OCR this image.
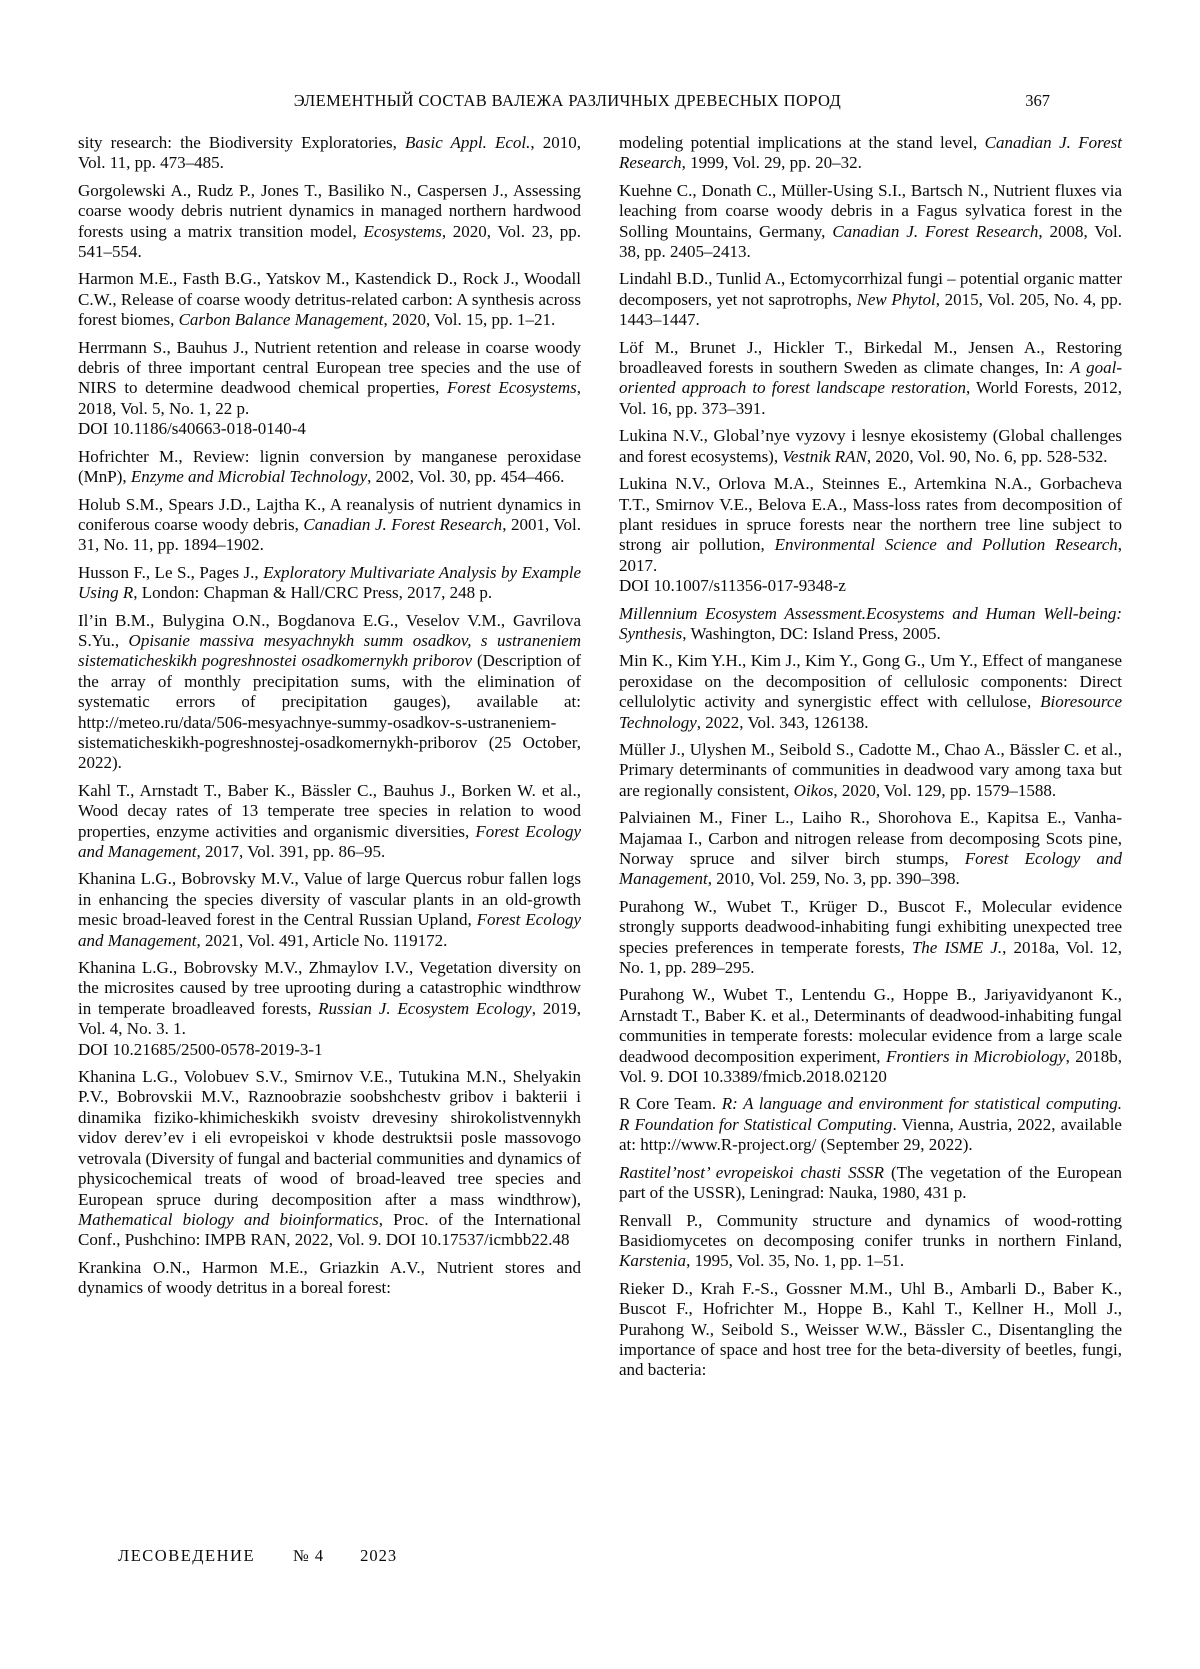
ЭЛЕМЕНТНЫЙ СОСТАВ ВАЛЕЖА РАЗЛИЧНЫХ ДРЕВЕСНЫХ ПОРОД	367

sity research: the Biodiversity Exploratories, Basic Appl. Ecol., 2010, Vol. 11, pp. 473–485.

Gorgolewski A., Rudz P., Jones T., Basiliko N., Caspersen J., Assessing coarse woody debris nutrient dynamics in managed northern hardwood forests using a matrix transition model, Ecosystems, 2020, Vol. 23, pp. 541–554.

Harmon M.E., Fasth B.G., Yatskov M., Kastendick D., Rock J., Woodall C.W., Release of coarse woody detritus-related carbon: A synthesis across forest biomes, Carbon Balance Management, 2020, Vol. 15, pp. 1–21.

Herrmann S., Bauhus J., Nutrient retention and release in coarse woody debris of three important central European tree species and the use of NIRS to determine deadwood chemical properties, Forest Ecosystems, 2018, Vol. 5, No. 1, 22 p.
DOI 10.1186/s40663-018-0140-4

Hofrichter M., Review: lignin conversion by manganese peroxidase (MnP), Enzyme and Microbial Technology, 2002, Vol. 30, pp. 454–466.

Holub S.M., Spears J.D., Lajtha K., A reanalysis of nutrient dynamics in coniferous coarse woody debris, Canadian J. Forest Research, 2001, Vol. 31, No. 11, pp. 1894–1902.

Husson F., Le S., Pages J., Exploratory Multivariate Analysis by Example Using R, London: Chapman & Hall/CRC Press, 2017, 248 p.

Il’in B.M., Bulygina O.N., Bogdanova E.G., Veselov V.M., Gavrilova S.Yu., Opisanie massiva mesyachnykh summ osadkov, s ustraneniem sistematicheskikh pogreshnostei osadkomernykh priborov (Description of the array of monthly precipitation sums, with the elimination of systematic errors of precipitation gauges), available at: http://meteo.ru/data/506-mesyachnye-summy-osadkov-s-ustraneniem-sistematicheskikh-pogreshnostej-osadkomernykh-priborov (25 October, 2022).

Kahl T., Arnstadt T., Baber K., Bässler C., Bauhus J., Borken W. et al., Wood decay rates of 13 temperate tree species in relation to wood properties, enzyme activities and organismic diversities, Forest Ecology and Management, 2017, Vol. 391, pp. 86–95.

Khanina L.G., Bobrovsky M.V., Value of large Quercus robur fallen logs in enhancing the species diversity of vascular plants in an old-growth mesic broad-leaved forest in the Central Russian Upland, Forest Ecology and Management, 2021, Vol. 491, Article No. 119172.

Khanina L.G., Bobrovsky M.V., Zhmaylov I.V., Vegetation diversity on the microsites caused by tree uprooting during a catastrophic windthrow in temperate broadleaved forests, Russian J. Ecosystem Ecology, 2019, Vol. 4, No. 3. 1.
DOI 10.21685/2500-0578-2019-3-1

Khanina L.G., Volobuev S.V., Smirnov V.E., Tutukina M.N., Shelyakin P.V., Bobrovskii M.V., Raznoobrazie soobshchestv gribov i bakterii i dinamika fiziko-khimicheskikh svoistv drevesiny shirokolistvennykh vidov derev’ev i eli evropeiskoi v khode destruktsii posle massovogo vetrovala (Diversity of fungal and bacterial communities and dynamics of physicochemical treats of wood of broad-leaved tree species and European spruce during decomposition after a mass windthrow), Mathematical biology and bioinformatics, Proc. of the International Conf., Pushchino: IMPB RAN, 2022, Vol. 9. DOI 10.17537/icmbb22.48

Krankina O.N., Harmon M.E., Griazkin A.V., Nutrient stores and dynamics of woody detritus in a boreal forest:

modeling potential implications at the stand level, Canadian J. Forest Research, 1999, Vol. 29, pp. 20–32.

Kuehne C., Donath C., Müller-Using S.I., Bartsch N., Nutrient fluxes via leaching from coarse woody debris in a Fagus sylvatica forest in the Solling Mountains, Germany, Canadian J. Forest Research, 2008, Vol. 38, pp. 2405–2413.

Lindahl B.D., Tunlid A., Ectomycorrhizal fungi – potential organic matter decomposers, yet not saprotrophs, New Phytol, 2015, Vol. 205, No. 4, pp. 1443–1447.

Löf M., Brunet J., Hickler T., Birkedal M., Jensen A., Restoring broadleaved forests in southern Sweden as climate changes, In: A goal-oriented approach to forest landscape restoration, World Forests, 2012, Vol. 16, pp. 373–391.

Lukina N.V., Global’nye vyzovy i lesnye ekosistemy (Global challenges and forest ecosystems), Vestnik RAN, 2020, Vol. 90, No. 6, pp. 528-532.

Lukina N.V., Orlova M.A., Steinnes E., Artemkina N.A., Gorbacheva T.T., Smirnov V.E., Belova E.A., Mass-loss rates from decomposition of plant residues in spruce forests near the northern tree line subject to strong air pollution, Environmental Science and Pollution Research, 2017.
DOI 10.1007/s11356-017-9348-z

Millennium Ecosystem Assessment.Ecosystems and Human Well-being: Synthesis, Washington, DC: Island Press, 2005.

Min K., Kim Y.H., Kim J., Kim Y., Gong G., Um Y., Effect of manganese peroxidase on the decomposition of cellulosic components: Direct cellulolytic activity and synergistic effect with cellulose, Bioresource Technology, 2022, Vol. 343, 126138.

Müller J., Ulyshen M., Seibold S., Cadotte M., Chao A., Bässler C. et al., Primary determinants of communities in deadwood vary among taxa but are regionally consistent, Oikos, 2020, Vol. 129, pp. 1579–1588.

Palviainen M., Finer L., Laiho R., Shorohova E., Kapitsa E., Vanha-Majamaa I., Carbon and nitrogen release from decomposing Scots pine, Norway spruce and silver birch stumps, Forest Ecology and Management, 2010, Vol. 259, No. 3, pp. 390–398.

Purahong W., Wubet T., Krüger D., Buscot F., Molecular evidence strongly supports deadwood-inhabiting fungi exhibiting unexpected tree species preferences in temperate forests, The ISME J., 2018a, Vol. 12, No. 1, pp. 289–295.

Purahong W., Wubet T., Lentendu G., Hoppe B., Jariyavidyanont K., Arnstadt T., Baber K. et al., Determinants of deadwood-inhabiting fungal communities in temperate forests: molecular evidence from a large scale deadwood decomposition experiment, Frontiers in Microbiology, 2018b, Vol. 9. DOI 10.3389/fmicb.2018.02120

R Core Team. R: A language and environment for statistical computing. R Foundation for Statistical Computing. Vienna, Austria, 2022, available at: http://www.R-project.org/ (September 29, 2022).

Rastitel’nost’ evropeiskoi chasti SSSR (The vegetation of the European part of the USSR), Leningrad: Nauka, 1980, 431 p.

Renvall P., Community structure and dynamics of wood-rotting Basidiomycetes on decomposing conifer trunks in northern Finland, Karstenia, 1995, Vol. 35, No. 1, pp. 1–51.

Rieker D., Krah F.-S., Gossner M.M., Uhl B., Ambarli D., Baber K., Buscot F., Hofrichter M., Hoppe B., Kahl T., Kellner H., Moll J., Purahong W., Seibold S., Weisser W.W., Bässler C., Disentangling the importance of space and host tree for the beta-diversity of beetles, fungi, and bacteria:

ЛЕСОВЕДЕНИЕ № 4 2023
